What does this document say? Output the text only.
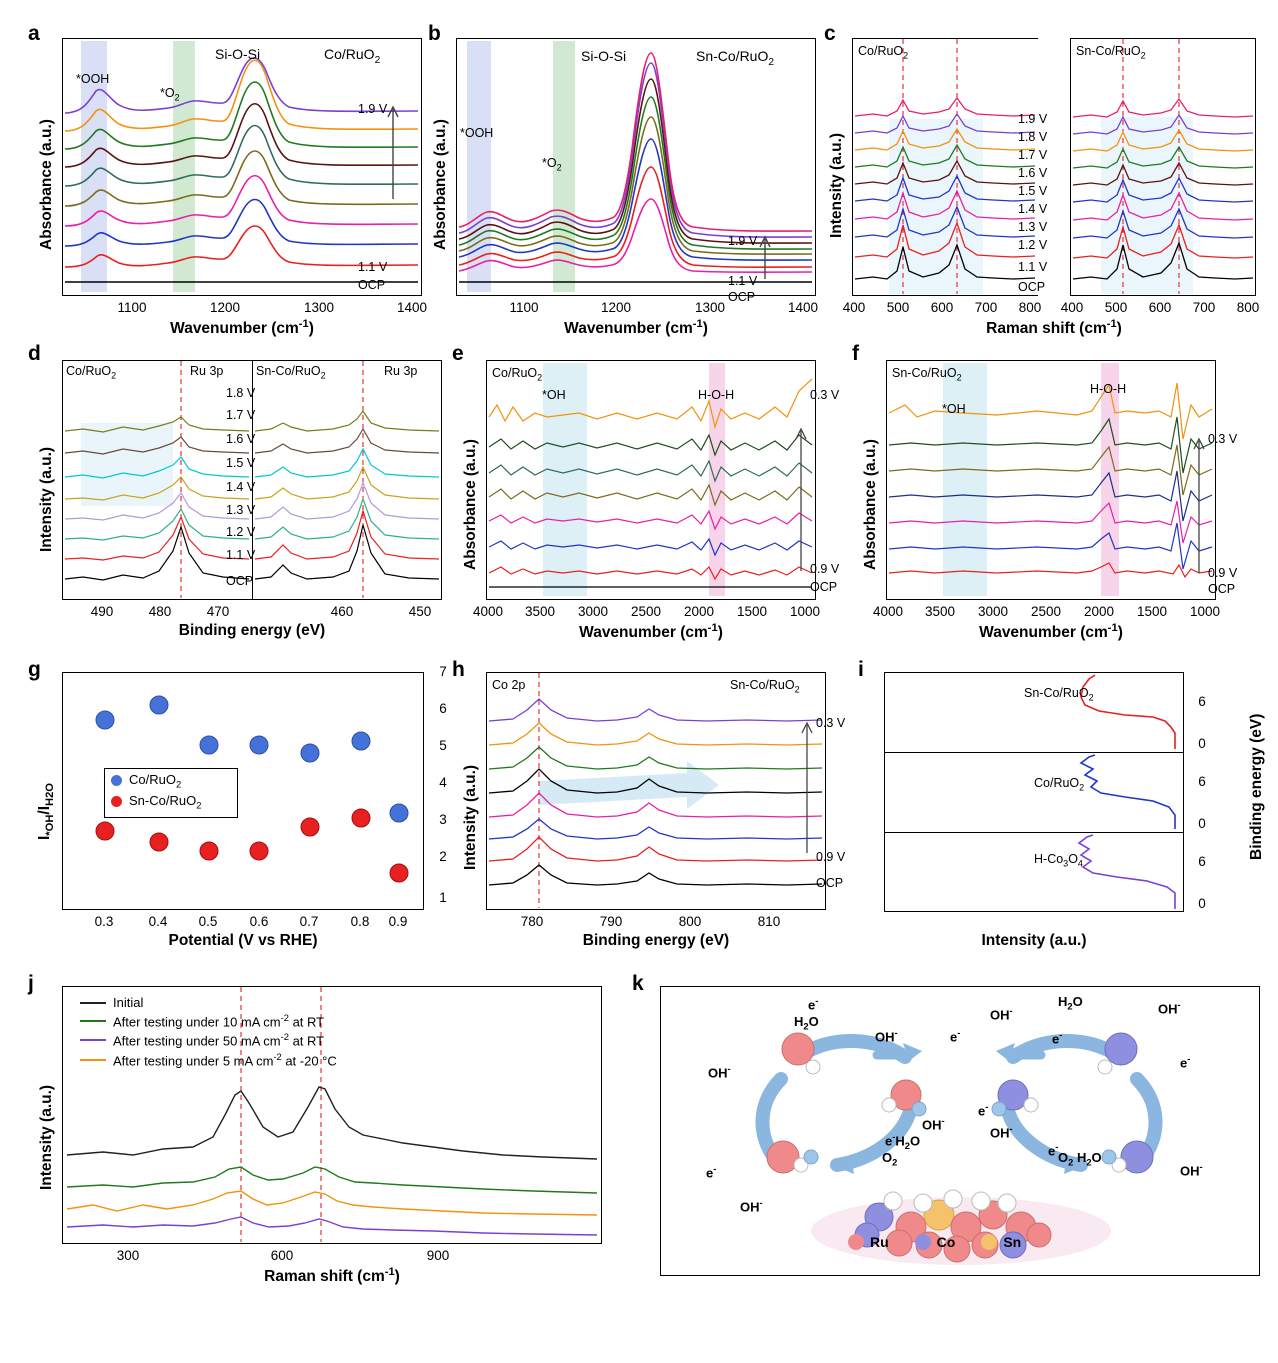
a
*OOH
$*O_2$
Si-O-Si	Co/RuO$_2$
1.9 V
1.1 V
OCP
Absorbance (a.u.)
1100	1200	1300	1400
Wavenumber $(cm^{-1})$
b
*OOH
$*O_2$
Si-O-Si	Sn-Co/RuO$_2$
1.9 V
1.1 V
OCP
Absorbance (a.u.)
1100	1200	1300	1400
Wavenumber $(cm^{-1})$
c
Co/RuO$_2$	Sn-Co/RuO$_2$
1.9 V
1.8 V
1.7 V
1.6 V
1.5 V
1.4 V
1.3 V
1.2 V
1.1 V
OCP
Intensity (a.u.)
400	500	600	700	800	400	500	600	700	800
Raman shift $(cm^{-1})$
d
Co/RuO$_2$	Ru 3p	Sn-Co/RuO$_2$	Ru 3p
1.8 V
1.7 V
1.6 V
1.5 V
1.4 V
1.3 V
1.2 V
1.1 V
OCP
Intensity (a.u.)
490	480	470	460	450
Binding energy (eV)
e
Co/RuO$_2$
*OH	H-O-H	0.3 V
0.9 V
OCP
Absorbance (a.u.)
4000	3500	3000	2500	2000	1500	1000
Wavenumber $(cm^{-1})$
f
Sn-Co/RuO$_2$
*OH
H-O-H
0.3 V
0.9 V
OCP
Absorbance (a.u.)
4000	3500	3000	2500	2000	1500	1000
Wavenumber $(cm^{-1})$
g
Co/RuO$_2$
Sn-Co/RuO$_2$
$I_{*OH}/I_{H2O}$
7
6
5
4
3
2
1
0.3	0.4	0.5	0.6	0.7	0.8	0.9
Potential (V vs RHE)
h
Co 2p	Sn-Co/RuO$_2$
0.3 V
0.9 V
OCP
Intensity (a.u.)
780	790	800	810
Binding energy (eV)
i
Sn-Co/RuO$_2$
Co/RuO$_2$
$H-Co_3O_4$
6
0
6
0
6
0
Binding energy (eV)
Intensity (a.u.)
j
Initial
After testing under 10 mA $cm^{-2}$ at RT
After testing under 50 mA $cm^{-2}$ at RT
After testing under 5 mA $cm^{-2}$ at -20 °C
Intensity (a.u.)
300	600	900
Raman shift $(cm^{-1})$
k
e-
$H_2O$
OH-
OH-	e-
OH-
e-
OH-
$H_2O$	OH-
OH-
e-
e-
e-
OH-
OH-
$e^-H_2O$
$O_2$	$O_2$ $H_2O$
e-
Ru	Co	Sn
